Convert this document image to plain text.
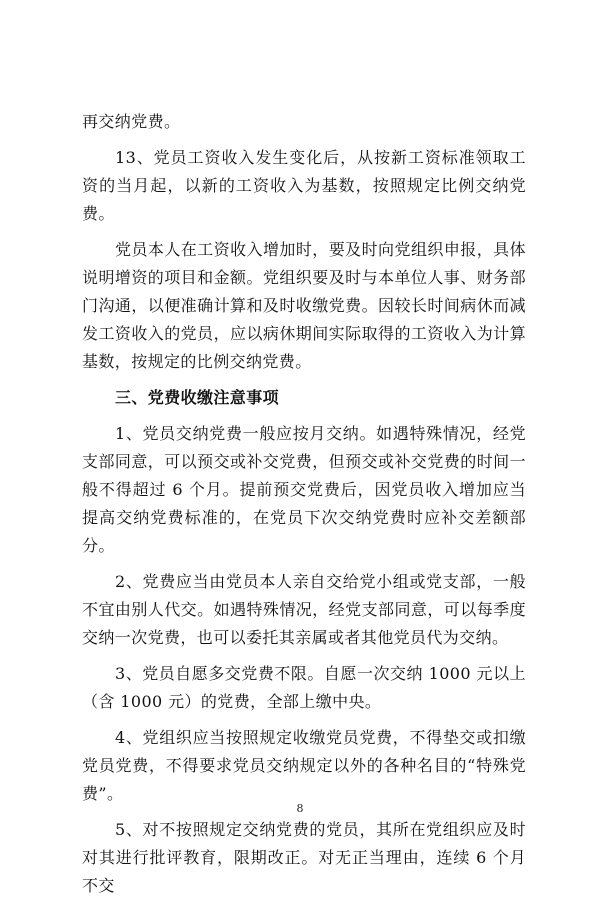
再交纳党费。

13、党员工资收入发生变化后，从按新工资标准领取工资的当月起，以新的工资收入为基数，按照规定比例交纳党费。

党员本人在工资收入增加时，要及时向党组织申报，具体说明增资的项目和金额。党组织要及时与本单位人事、财务部门沟通，以便准确计算和及时收缴党费。因较长时间病休而减发工资收入的党员，应以病休期间实际取得的工资收入为计算基数，按规定的比例交纳党费。

三、党费收缴注意事项

1、党员交纳党费一般应按月交纳。如遇特殊情况，经党支部同意，可以预交或补交党费，但预交或补交党费的时间一般不得超过 6 个月。提前预交党费后，因党员收入增加应当提高交纳党费标准的，在党员下次交纳党费时应补交差额部分。

2、党费应当由党员本人亲自交给党小组或党支部，一般不宜由别人代交。如遇特殊情况，经党支部同意，可以每季度交纳一次党费，也可以委托其亲属或者其他党员代为交纳。

3、党员自愿多交党费不限。自愿一次交纳 1000 元以上（含 1000 元）的党费，全部上缴中央。

4、党组织应当按照规定收缴党员党费，不得垫交或扣缴党员党费，不得要求党员交纳规定以外的各种名目的“特殊党费”。

5、对不按照规定交纳党费的党员，其所在党组织应及时对其进行批评教育，限期改正。对无正当理由，连续 6 个月不交

8
